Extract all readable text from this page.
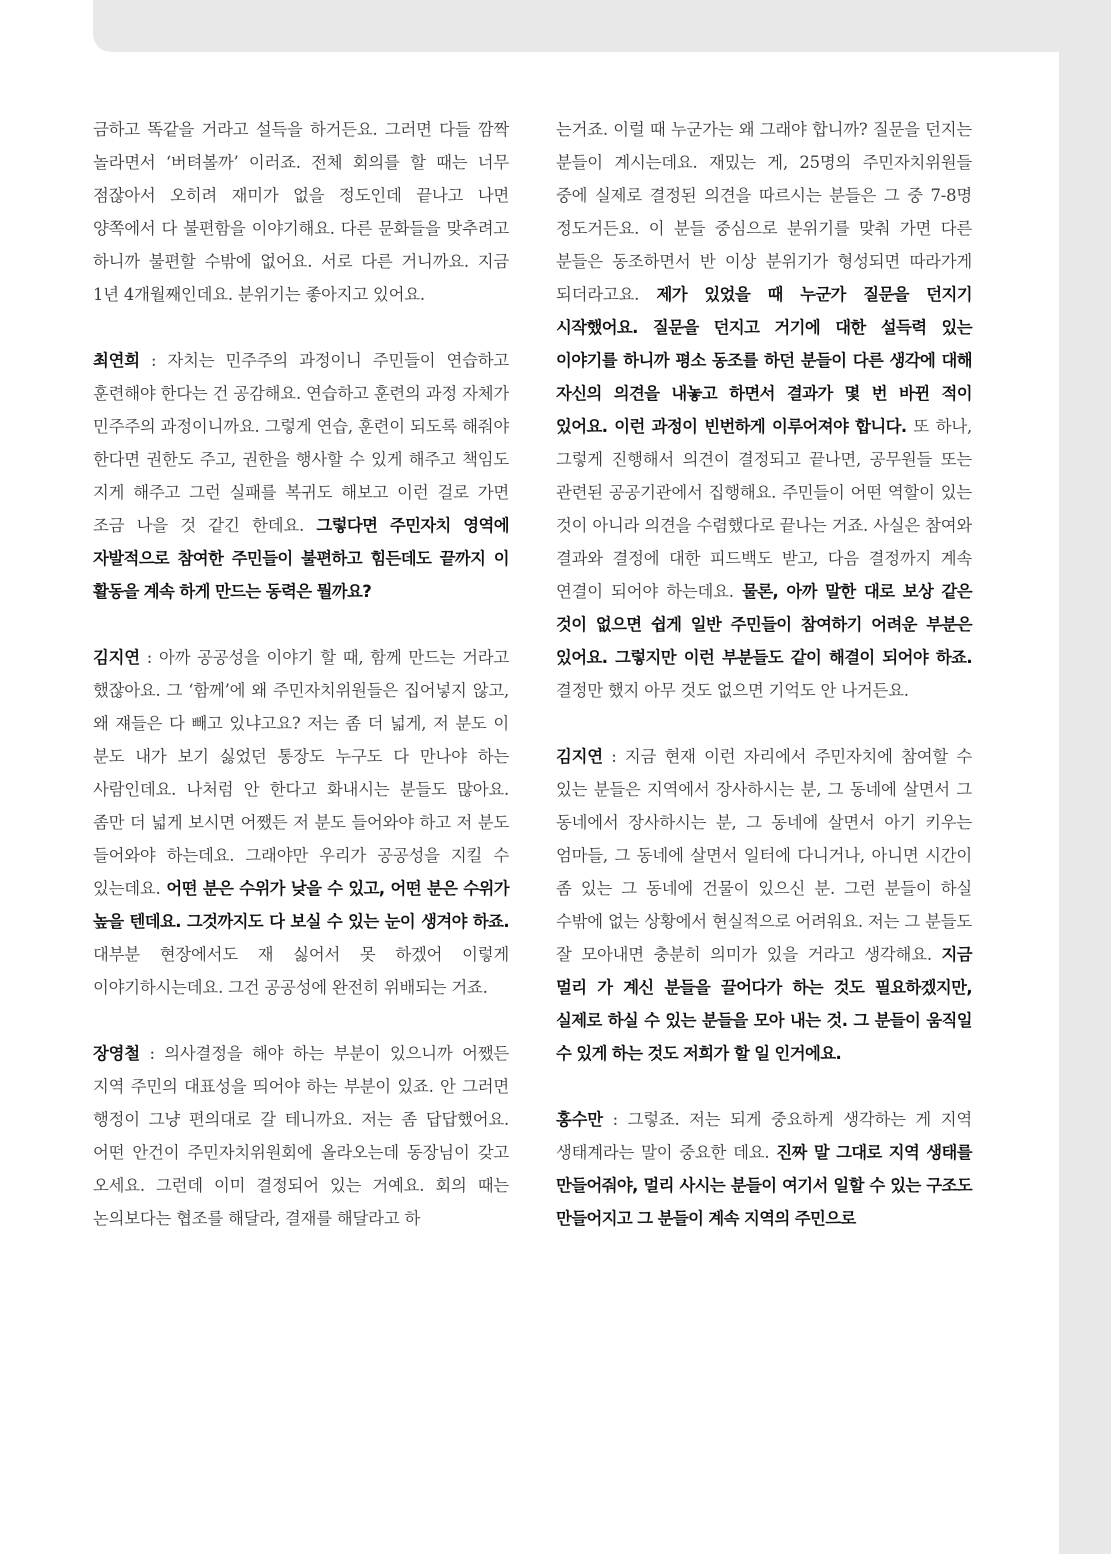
금하고 똑같을 거라고 설득을 하거든요. 그러면 다들 깜짝 놀라면서 ‘버텨볼까’ 이러죠. 전체 회의를 할 때는 너무 점잖아서 오히려 재미가 없을 정도인데 끝나고 나면 양쪽에서 다 불편함을 이야기해요. 다른 문화들을 맞추려고 하니까 불편할 수밖에 없어요. 서로 다른 거니까요. 지금 1년 4개월째인데요. 분위기는 좋아지고 있어요.

최연희 : 자치는 민주주의 과정이니 주민들이 연습하고 훈련해야 한다는 건 공감해요. 연습하고 훈련의 과정 자체가 민주주의 과정이니까요. 그렇게 연습, 훈련이 되도록 해줘야 한다면 권한도 주고, 권한을 행사할 수 있게 해주고 책임도 지게 해주고 그런 실패를 복귀도 해보고 이런 걸로 가면 조금 나을 것 같긴 한데요. 그렇다면 주민자치 영역에 자발적으로 참여한 주민들이 불편하고 힘든데도 끝까지 이 활동을 계속 하게 만드는 동력은 뭘까요?

김지연 : 아까 공공성을 이야기 할 때, 함께 만드는 거라고 했잖아요. 그 ‘함께’에 왜 주민자치위원들은 집어넣지 않고, 왜 쟤들은 다 빼고 있냐고요? 저는 좀 더 넓게, 저 분도 이 분도 내가 보기 싫었던 통장도 누구도 다 만나야 하는 사람인데요. 나처럼 안 한다고 화내시는 분들도 많아요. 좀만 더 넓게 보시면 어쨌든 저 분도 들어와야 하고 저 분도 들어와야 하는데요. 그래야만 우리가 공공성을 지킬 수 있는데요. 어떤 분은 수위가 낮을 수 있고, 어떤 분은 수위가 높을 텐데요. 그것까지도 다 보실 수 있는 눈이 생겨야 하죠. 대부분 현장에서도 재 싫어서 못 하겠어 이렇게 이야기하시는데요. 그건 공공성에 완전히 위배되는 거죠.

장영철 : 의사결정을 해야 하는 부분이 있으니까 어쨌든 지역 주민의 대표성을 띄어야 하는 부분이 있죠. 안 그러면 행정이 그냥 편의대로 갈 테니까요. 저는 좀 답답했어요. 어떤 안건이 주민자치위원회에 올라오는데 동장님이 갖고 오세요. 그런데 이미 결정되어 있는 거예요. 회의 때는 논의보다는 협조를 해달라, 결재를 해달라고 하

는거죠. 이럴 때 누군가는 왜 그래야 합니까? 질문을 던지는 분들이 계시는데요. 재밌는 게, 25명의 주민자치위원들 중에 실제로 결정된 의견을 따르시는 분들은 그 중 7-8명 정도거든요. 이 분들 중심으로 분위기를 맞춰 가면 다른 분들은 동조하면서 반 이상 분위기가 형성되면 따라가게 되더라고요. 제가 있었을 때 누군가 질문을 던지기 시작했어요. 질문을 던지고 거기에 대한 설득력 있는 이야기를 하니까 평소 동조를 하던 분들이 다른 생각에 대해 자신의 의견을 내놓고 하면서 결과가 몇 번 바뀐 적이 있어요. 이런 과정이 빈번하게 이루어져야 합니다. 또 하나, 그렇게 진행해서 의견이 결정되고 끝나면, 공무원들 또는 관련된 공공기관에서 집행해요. 주민들이 어떤 역할이 있는 것이 아니라 의견을 수렴했다로 끝나는 거죠. 사실은 참여와 결과와 결정에 대한 피드백도 받고, 다음 결정까지 계속 연결이 되어야 하는데요. 물론, 아까 말한 대로 보상 같은 것이 없으면 쉽게 일반 주민들이 참여하기 어려운 부분은 있어요. 그렇지만 이런 부분들도 같이 해결이 되어야 하죠. 결정만 했지 아무 것도 없으면 기억도 안 나거든요.

김지연 : 지금 현재 이런 자리에서 주민자치에 참여할 수 있는 분들은 지역에서 장사하시는 분, 그 동네에 살면서 그 동네에서 장사하시는 분, 그 동네에 살면서 아기 키우는 엄마들, 그 동네에 살면서 일터에 다니거나, 아니면 시간이 좀 있는 그 동네에 건물이 있으신 분. 그런 분들이 하실 수밖에 없는 상황에서 현실적으로 어려워요. 저는 그 분들도 잘 모아내면 충분히 의미가 있을 거라고 생각해요. 지금 멀리 가 계신 분들을 끌어다가 하는 것도 필요하겠지만, 실제로 하실 수 있는 분들을 모아 내는 것. 그 분들이 움직일 수 있게 하는 것도 저희가 할 일 인거에요.

홍수만 : 그렇죠. 저는 되게 중요하게 생각하는 게 지역 생태계라는 말이 중요한 데요. 진짜 말 그대로 지역 생태를 만들어줘야, 멀리 사시는 분들이 여기서 일할 수 있는 구조도 만들어지고 그 분들이 계속 지역의 주민으로
